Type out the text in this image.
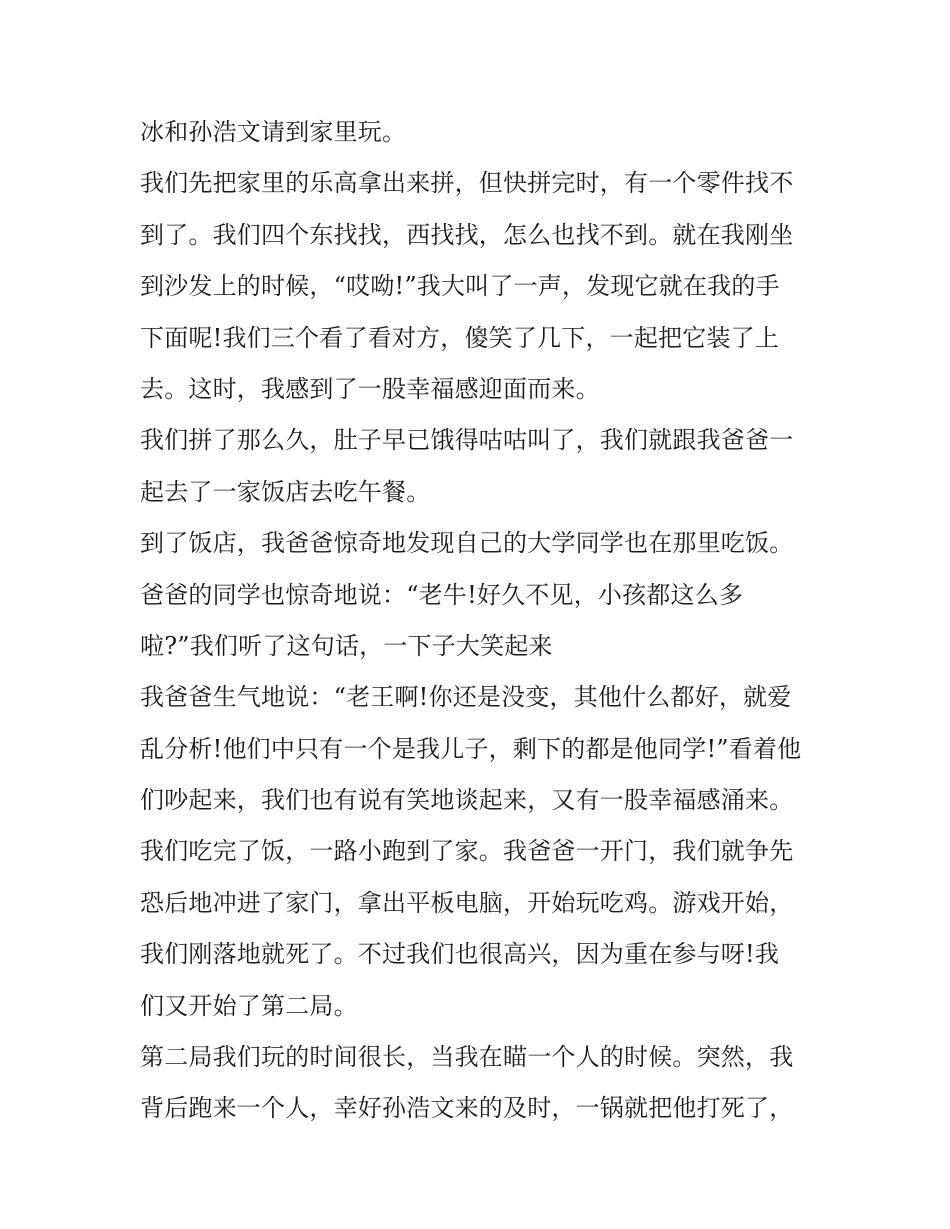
冰和孙浩文请到家里玩。
我们先把家里的乐高拿出来拼，但快拼完时，有一个零件找不
到了。我们四个东找找，西找找，怎么也找不到。就在我刚坐
到沙发上的时候，“哎呦!”我大叫了一声，发现它就在我的手
下面呢!我们三个看了看对方，傻笑了几下，一起把它装了上
去。这时，我感到了一股幸福感迎面而来。
我们拼了那么久，肚子早已饿得咕咕叫了，我们就跟我爸爸一
起去了一家饭店去吃午餐。
到了饭店，我爸爸惊奇地发现自己的大学同学也在那里吃饭。
爸爸的同学也惊奇地说：“老牛!好久不见，小孩都这么多
啦?”我们听了这句话，一下子大笑起来
我爸爸生气地说：“老王啊!你还是没变，其他什么都好，就爱
乱分析!他们中只有一个是我儿子，剩下的都是他同学!”看着他
们吵起来，我们也有说有笑地谈起来，又有一股幸福感涌来。
我们吃完了饭，一路小跑到了家。我爸爸一开门，我们就争先
恐后地冲进了家门，拿出平板电脑，开始玩吃鸡。游戏开始，
我们刚落地就死了。不过我们也很高兴，因为重在参与呀!我
们又开始了第二局。
第二局我们玩的时间很长，当我在瞄一个人的时候。突然，我
背后跑来一个人，幸好孙浩文来的及时，一锅就把他打死了，
